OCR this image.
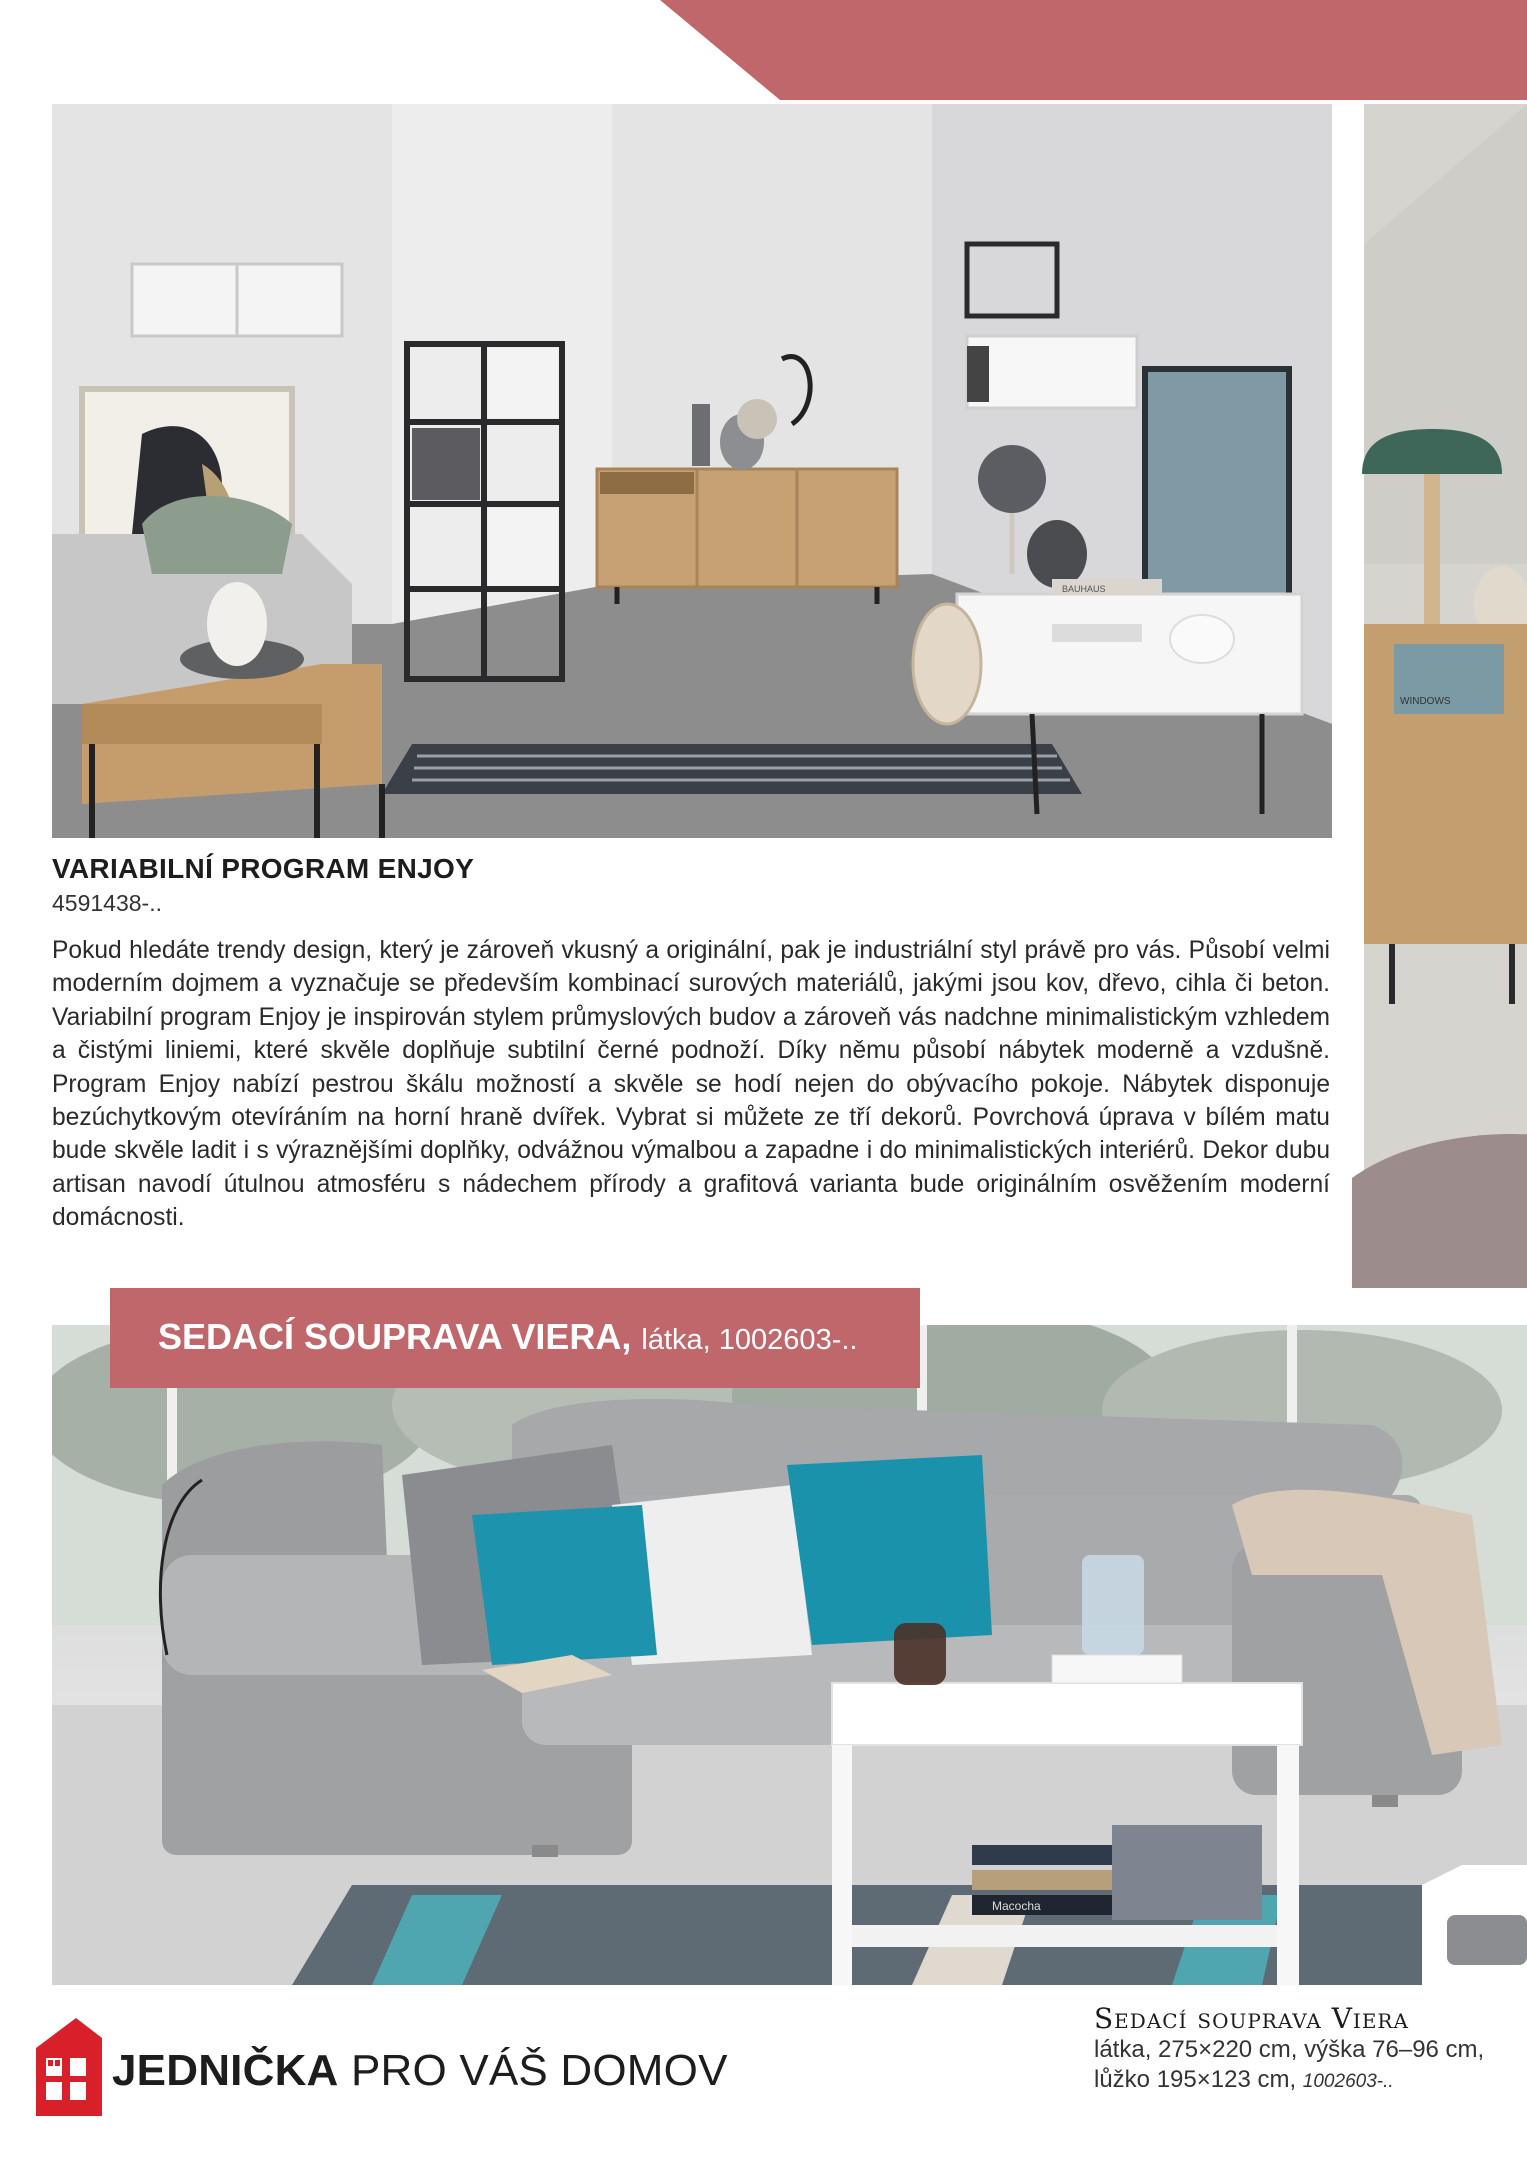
BAUHAUS
WINDOWS
VARIABILNÍ PROGRAM ENJOY
4591438-..

Pokud hledáte trendy design, který je zároveň vkusný a originální, pak je industriální styl právě pro vás. Působí velmi moderním dojmem a vyznačuje se především kombinací surových materiálů, jakými jsou kov, dřevo, cihla či beton. Variabilní program Enjoy je inspirován stylem průmyslových budov a zároveň vás nadchne minimalistickým vzhledem a čistými liniemi, které skvěle doplňuje subtilní černé podnoží. Díky němu působí nábytek moderně a vzdušně. Program Enjoy nabízí pestrou škálu možností a skvěle se hodí nejen do obývacího pokoje. Nábytek disponuje bezúchytkovým otevíráním na horní hraně dvířek. Vybrat si můžete ze tří dekorů. Povrchová úprava v bílém matu bude skvěle ladit i s výraznějšími doplňky, odvážnou výmalbou a zapadne i do minimalistických interiérů. Dekor dubu artisan navodí útulnou atmosféru s nádechem přírody a grafitová varianta bude originálním osvěžením moderní domácnosti.

Macocha
SEDACÍ SOUPRAVA VIERA, látka, 1002603-..
JEDNIČKA PRO VÁŠ DOMOV
Sedací souprava Viera
látka, 275×220 cm, výška 76–96 cm,
lůžko 195×123 cm, 1002603-..
